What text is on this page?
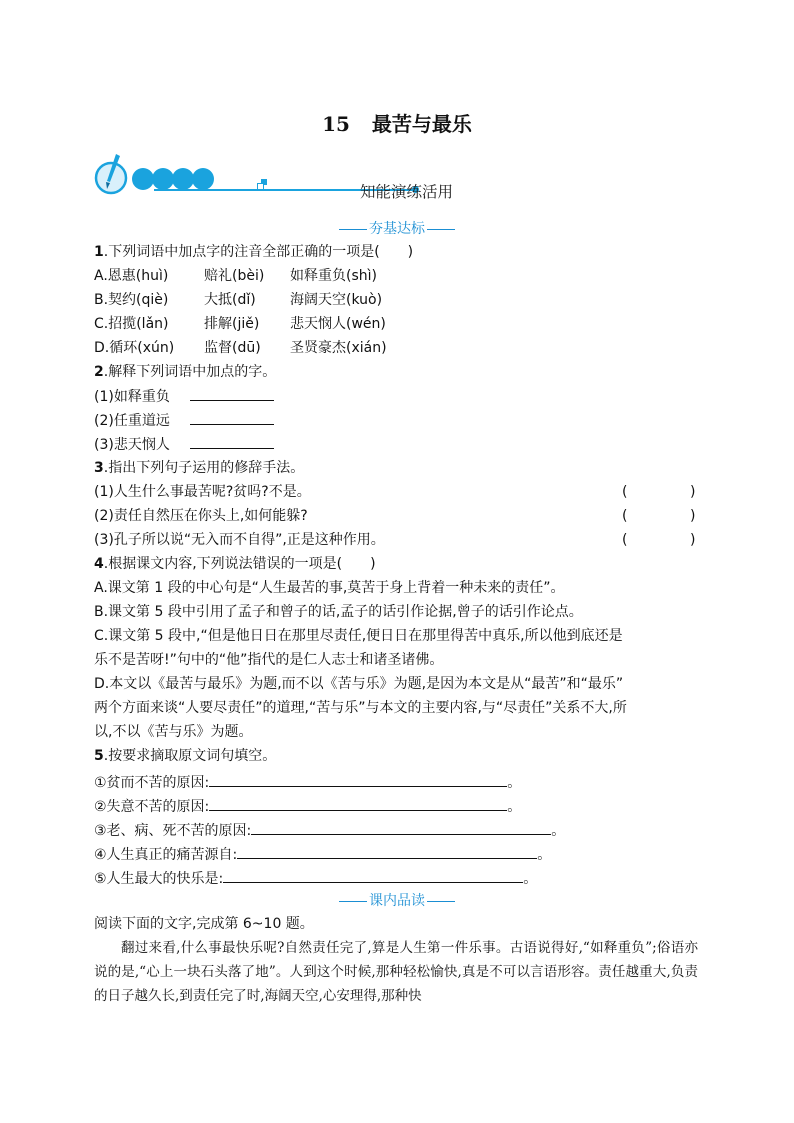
15 最苦与最乐
知能演练活用
夯基达标
1.下列词语中加点字的注音全部正确的一项是(　　)
A.恩惠(huì)	赔礼(bèi) 如释重负(shì)
B.契约(qiè)	大抵(dǐ) 海阔天空(kuò)
C.招揽(lǎn)	排解(jiě) 悲天悯人(wén)
D.循环(xún) 监督(dū) 圣贤豪杰(xián)
2.解释下列词语中加点的字。
(1)如释重负
(2)任重道远
(3)悲天悯人
3.指出下列句子运用的修辞手法。
(1)人生什么事最苦呢?贫吗?不是。	(	)
(2)责任自然压在你头上,如何能躲?	(	)
(3)孔子所以说“无入而不自得”,正是这种作用。	(	)
4.根据课文内容,下列说法错误的一项是(　　)
A.课文第 1 段的中心句是“人生最苦的事,莫苦于身上背着一种未来的责任”。
B.课文第 5 段中引用了孟子和曾子的话,孟子的话引作论据,曾子的话引作论点。
C.课文第 5 段中,“但是他日日在那里尽责任,便日日在那里得苦中真乐,所以他到底还是
乐不是苦呀!”句中的“他”指代的是仁人志士和诸圣诸佛。
D.本文以《最苦与最乐》为题,而不以《苦与乐》为题,是因为本文是从“最苦”和“最乐”
两个方面来谈“人要尽责任”的道理,“苦与乐”与本文的主要内容,与“尽责任”关系不大,所
以,不以《苦与乐》为题。
5.按要求摘取原文词句填空。
①贫而不苦的原因:	。
②失意不苦的原因:	。
③老、病、死不苦的原因:	。
④人生真正的痛苦源自:	。
⑤人生最大的快乐是:	。
课内品读
阅读下面的文字,完成第 6~10 题。
翻过来看,什么事最快乐呢?自然责任完了,算是人生第一件乐事。古语说得好,“如释重负”;俗语亦说的是,“心上一块石头落了地”。人到这个时候,那种轻松愉快,真是不可以言语形容。责任越重大,负责的日子越久长,到责任完了时,海阔天空,心安理得,那种快
